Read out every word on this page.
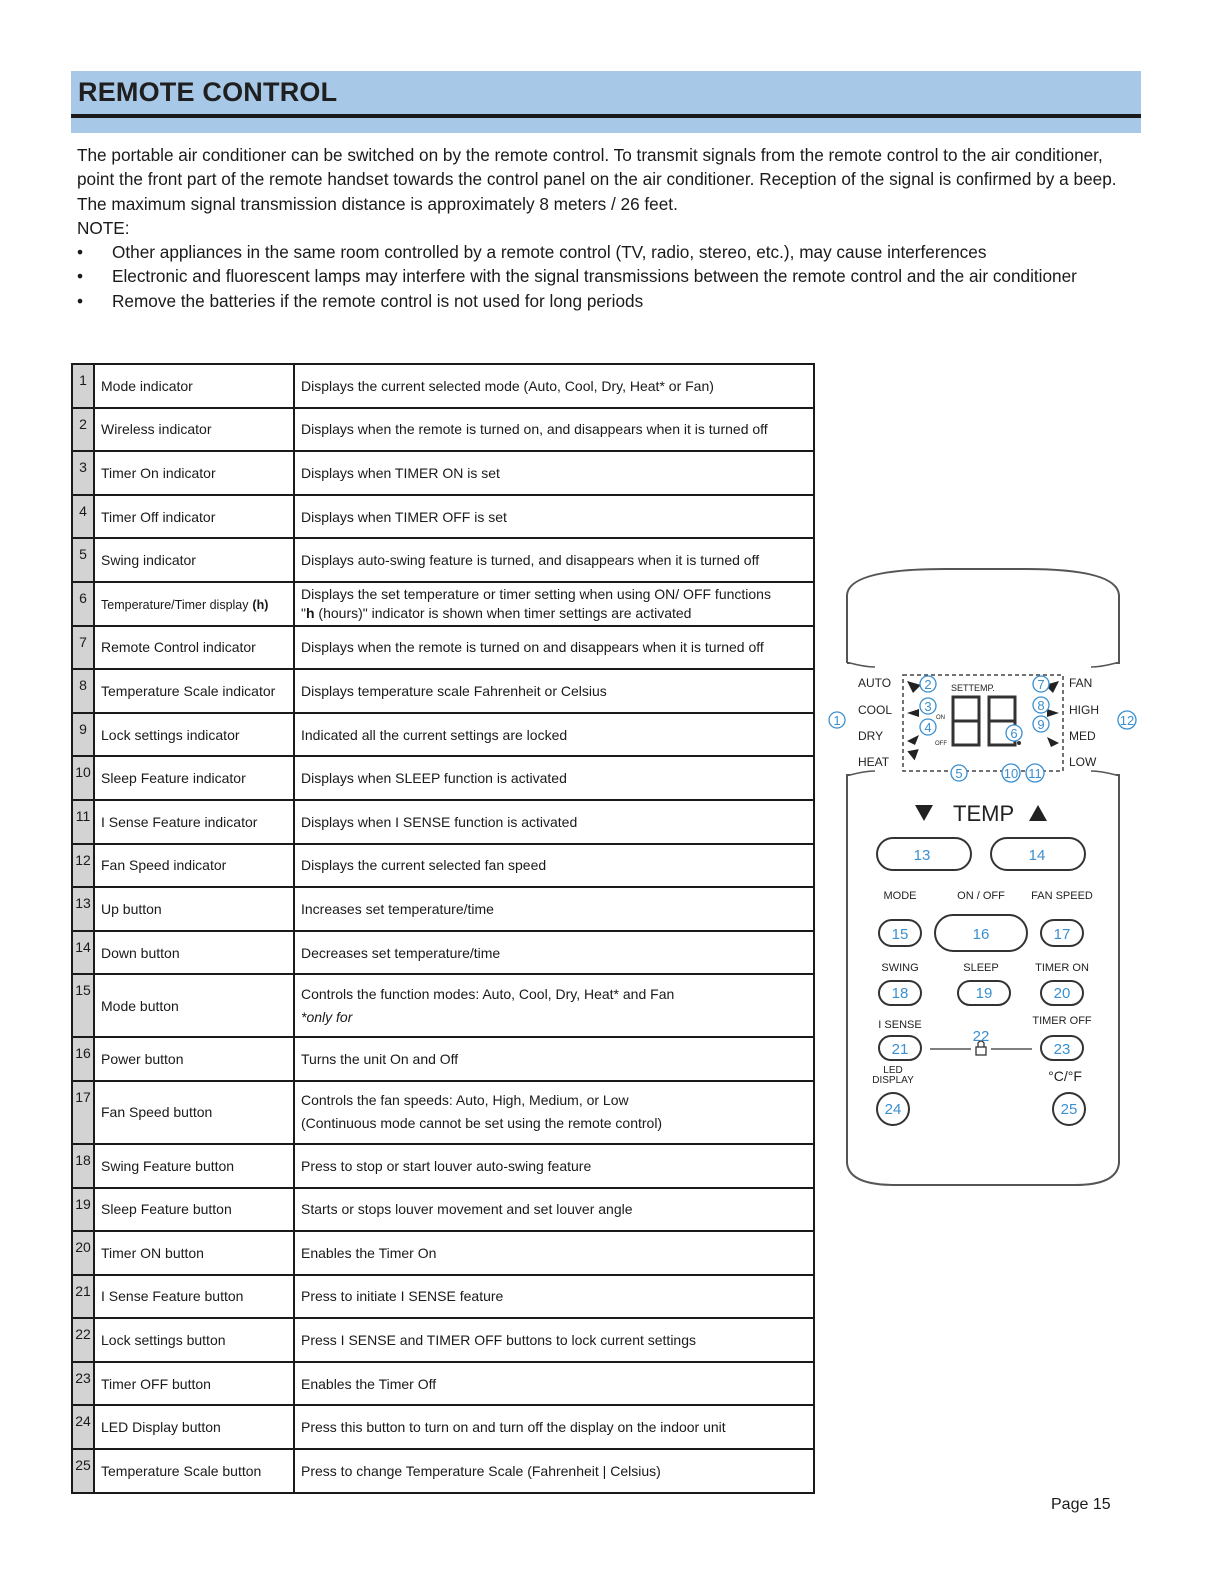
REMOTE CONTROL

The portable air conditioner can be switched on by the remote control. To transmit signals from the remote control to the air conditioner, point the front part of the remote handset towards the control panel on the air conditioner. Reception of the signal is confirmed by a beep. The maximum signal transmission distance is approximately 8 meters / 26 feet.

NOTE:

• Other appliances in the same room controlled by a remote control (TV, radio, stereo, etc.), may cause interferences
• Electronic and fluorescent lamps may interfere with the signal transmissions between the remote control and the air conditioner
• Remove the batteries if the remote control is not used for long periods
1	Mode indicator	Displays the current selected mode (Auto, Cool, Dry, Heat* or Fan)

2	Wireless indicator	Displays when the remote is turned on, and disappears when it is turned off

3	Timer On indicator	Displays when TIMER ON is set

4	Timer Off indicator	Displays when TIMER OFF is set

5	Swing indicator	Displays auto-swing feature is turned, and disappears when it is turned off

6	Temperature/Timer display (h)	Displays the set temperature or timer setting when using ON/ OFF functions
"h (hours)" indicator is shown when timer settings are activated

7	Remote Control indicator	Displays when the remote is turned on and disappears when it is turned off

8	Temperature Scale indicator	Displays temperature scale Fahrenheit or Celsius

9	Lock settings indicator	Indicated all the current settings are locked

10	Sleep Feature indicator	Displays when SLEEP function is activated

11	I Sense Feature indicator	Displays when I SENSE function is activated

12	Fan Speed indicator	Displays the current selected fan speed

13	Up button	Increases set temperature/time

14	Down button	Decreases set temperature/time

15	Mode button	Controls the function modes: Auto, Cool, Dry, Heat* and Fan
*only for

16	Power button	Turns the unit On and Off

17	Fan Speed button	Controls the fan speeds: Auto, High, Medium, or Low
(Continuous mode cannot be set using the remote control)

18	Swing Feature button	Press to stop or start louver auto-swing feature

19	Sleep Feature button	Starts or stops louver movement and set louver angle

20	Timer ON button	Enables the Timer On

21	I Sense Feature button	Press to initiate I SENSE feature

22	Lock settings button	Press I SENSE and TIMER OFF buttons to lock current settings

23	Timer OFF button	Enables the Timer Off

24	LED Display button	Press this button to turn on and turn off the display on the indoor unit

25	Temperature Scale button	Press to change Temperature Scale (Fahrenheit | Celsius)
AUTO
COOL
DRY
HEAT
FAN
HIGH
MED
LOW
SETTEMP.
ON
OFF
1
2
3
4
5
6
7
8
9
10 11
12
TEMP
13	14
MODE	ON / OFF FAN SPEED
15	16	17
SWING	SLEEP	TIMER ON
18	19	20
I SENSE	TIMER OFF
22
21	23
LED
DISPLAY	°C/°F
24	25
Page 15
